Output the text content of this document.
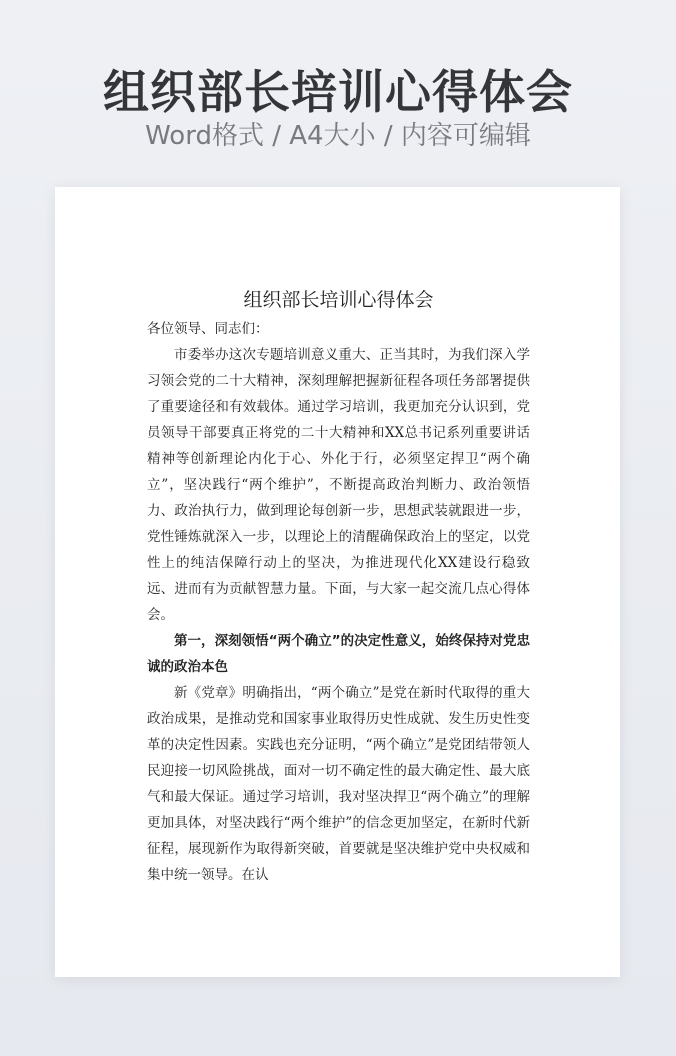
组织部长培训心得体会
Word格式 / A4大小 / 内容可编辑
组织部长培训心得体会

各位领导、同志们：

市委举办这次专题培训意义重大、正当其时，为我们深入学习领会党的二十大精神，深刻理解把握新征程各项任务部署提供了重要途径和有效载体。通过学习培训，我更加充分认识到，党员领导干部要真正将党的二十大精神和XX总书记系列重要讲话精神等创新理论内化于心、外化于行，必须坚定捍卫“两个确立”，坚决践行“两个维护”，不断提高政治判断力、政治领悟力、政治执行力，做到理论每创新一步，思想武装就跟进一步，党性锤炼就深入一步，以理论上的清醒确保政治上的坚定，以党性上的纯洁保障行动上的坚决，为推进现代化XX建设行稳致远、进而有为贡献智慧力量。下面，与大家一起交流几点心得体会。

第一，深刻领悟“两个确立”的决定性意义，始终保持对党忠诚的政治本色

新《党章》明确指出，“两个确立”是党在新时代取得的重大政治成果，是推动党和国家事业取得历史性成就、发生历史性变革的决定性因素。实践也充分证明，“两个确立”是党团结带领人民迎接一切风险挑战，面对一切不确定性的最大确定性、最大底气和最大保证。通过学习培训，我对坚决捍卫“两个确立”的理解更加具体，对坚决践行“两个维护”的信念更加坚定，在新时代新征程，展现新作为取得新突破，首要就是坚决维护党中央权威和集中统一领导。在认
